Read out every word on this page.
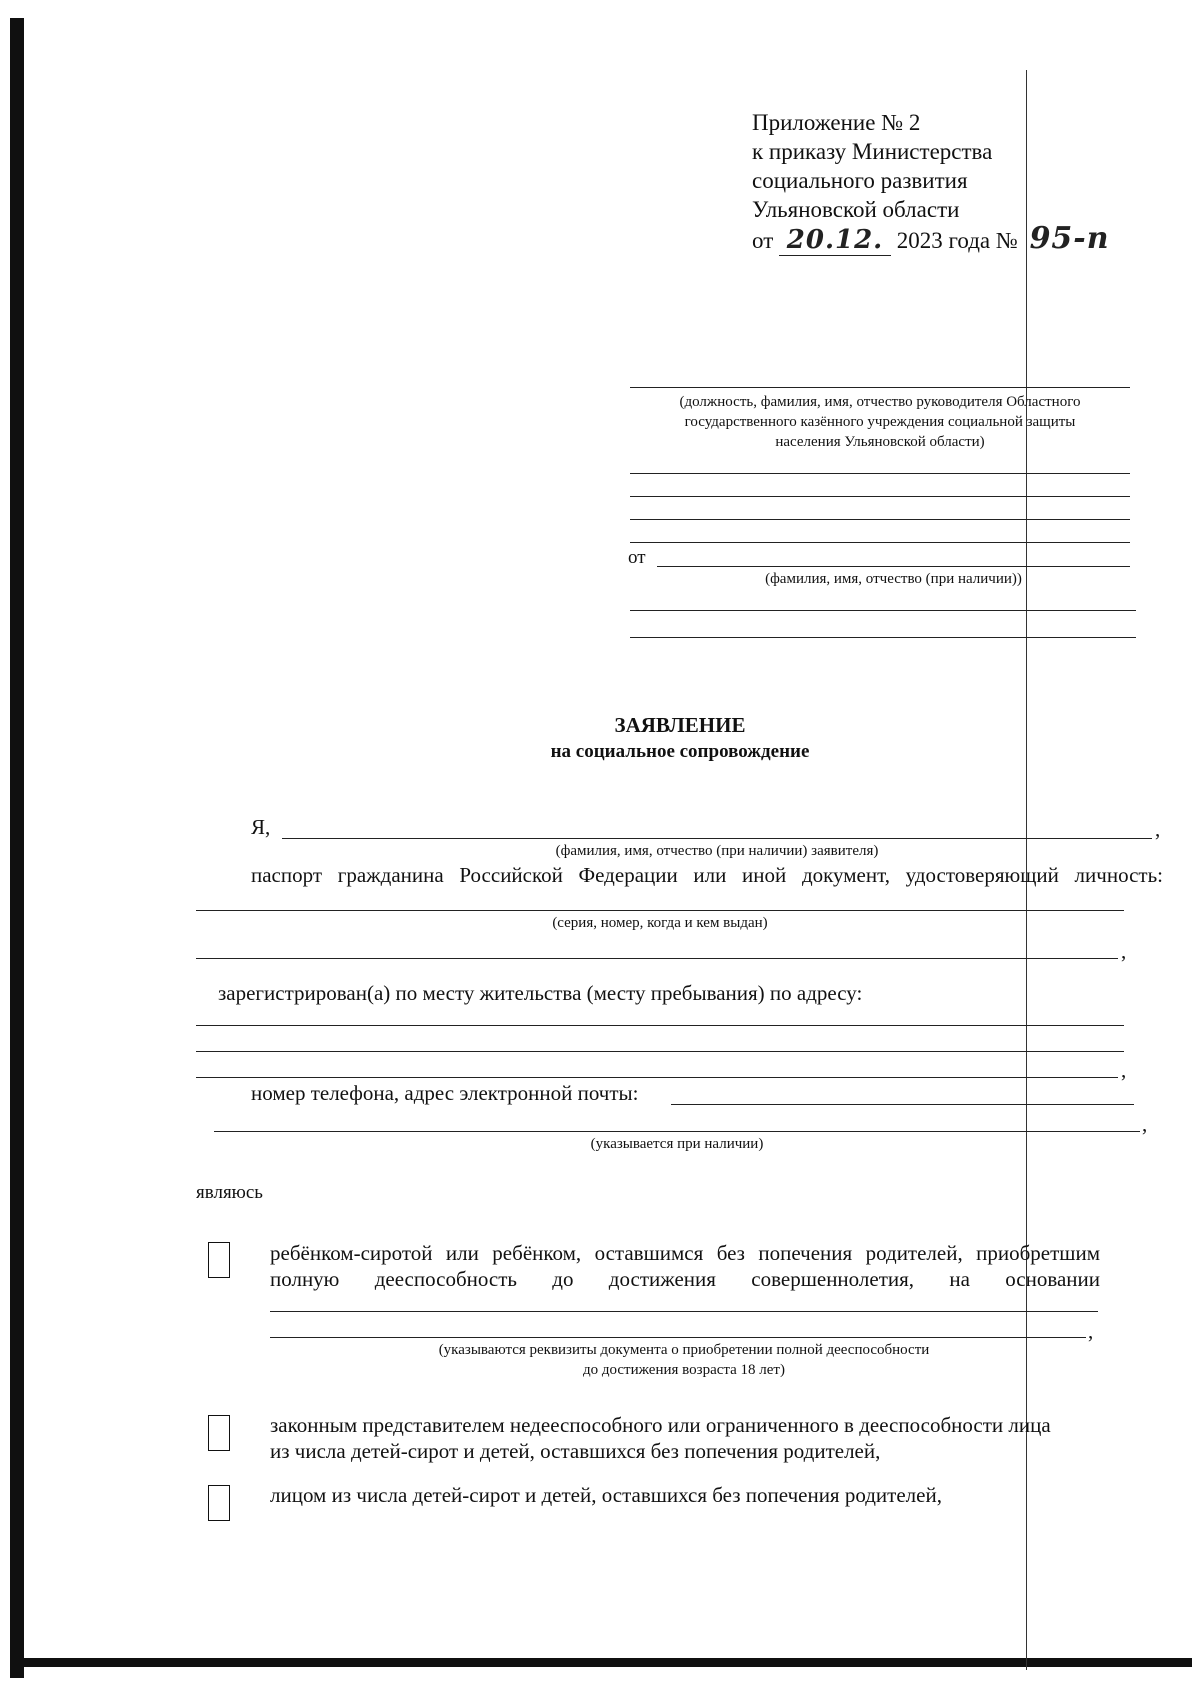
Приложение № 2
к приказу Министерства
социального развития
Ульяновской области
от 20.12. 2023 года № 95-п
(должность, фамилия, имя, отчество руководителя Областного
государственного казённого учреждения социальной защиты
населения Ульяновской области)
от
(фамилия, имя, отчество (при наличии))
ЗАЯВЛЕНИЕ
на социальное сопровождение
Я,	,
(фамилия, имя, отчество (при наличии) заявителя)
паспорт гражданина Российской Федерации или иной документ, удостоверяющий личность:
(серия, номер, когда и кем выдан)
,
зарегистрирован(а) по месту жительства (месту пребывания) по адресу:
,
номер телефона, адрес электронной почты:
,
(указывается при наличии)
являюсь
ребёнком-сиротой или ребёнком, оставшимся без попечения родителей, приобретшим
полную дееспособность до достижения совершеннолетия, на основании
,
(указываются реквизиты документа о приобретении полной дееспособности
до достижения возраста 18 лет)
законным представителем недееспособного или ограниченного в дееспособности лица
из числа детей-сирот и детей, оставшихся без попечения родителей,
лицом из числа детей-сирот и детей, оставшихся без попечения родителей,
